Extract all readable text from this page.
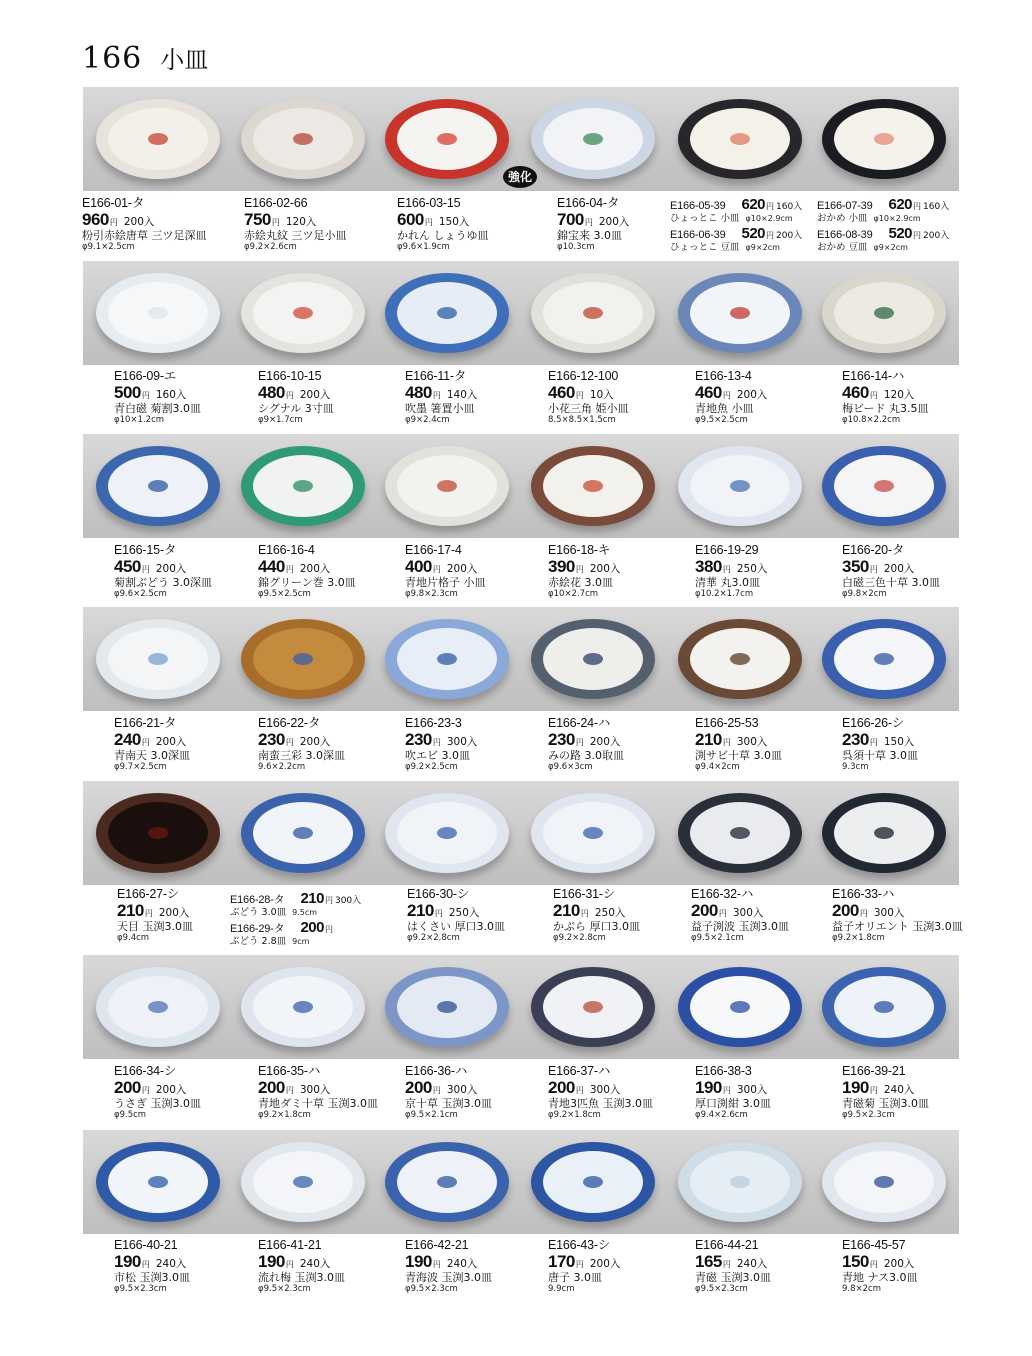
166 小皿
E166-01-タ
960円 200入
粉引赤絵唐草 三ツ足深皿
φ9.1×2.5cm
E166-02-66
750円 120入
赤絵丸紋 三ツ足小皿
φ9.2×2.6cm
E166-03-15
600円 150入
かれん しょうゆ皿
φ9.6×1.9cm
E166-04-タ
700円 200入
錦宝来 3.0皿
φ10.3cm
強化
E166-05-39 620円 160入
ひょっとこ 小皿 φ10×2.9cm
E166-06-39 520円 200入
ひょっとこ 豆皿 φ9×2cm
E166-07-39 620円 160入
おかめ 小皿 φ10×2.9cm
E166-08-39 520円 200入
おかめ 豆皿 φ9×2cm
E166-09-エ
500円 160入
青白磁 菊割3.0皿
φ10×1.2cm
E166-10-15
480円 200入
シグナル 3寸皿
φ9×1.7cm
E166-11-タ
480円 140入
吹墨 箸置小皿
φ9×2.4cm
E166-12-100
460円 10入
小花三角 姫小皿
8.5×8.5×1.5cm
E166-13-4
460円 200入
青地魚 小皿
φ9.5×2.5cm
E166-14-ハ
460円 120入
梅ビード 丸3.5皿
φ10.8×2.2cm
E166-15-タ
450円 200入
菊割ぶどう 3.0深皿
φ9.6×2.5cm
E166-16-4
440円 200入
錦グリーン巻 3.0皿
φ9.5×2.5cm
E166-17-4
400円 200入
青地片格子 小皿
φ9.8×2.3cm
E166-18-キ
390円 200入
赤絵花 3.0皿
φ10×2.7cm
E166-19-29
380円 250入
清華 丸3.0皿
φ10.2×1.7cm
E166-20-タ
350円 200入
白磁三色十草 3.0皿
φ9.8×2cm
E166-21-タ
240円 200入
青南天 3.0深皿
φ9.7×2.5cm
E166-22-タ
230円 200入
南蛮三彩 3.0深皿
9.6×2.2cm
E166-23-3
230円 300入
吹エビ 3.0皿
φ9.2×2.5cm
E166-24-ハ
230円 200入
みの路 3.0取皿
φ9.6×3cm
E166-25-53
210円 300入
渕サビ十草 3.0皿
φ9.4×2cm
E166-26-シ
230円 150入
呉須十草 3.0皿
9.3cm
E166-27-シ
210円 200入
天目 玉渕3.0皿
φ9.4cm
E166-30-シ
210円 250入
はくさい 厚口3.0皿
φ9.2×2.8cm
E166-31-シ
210円 250入
かぶら 厚口3.0皿
φ9.2×2.8cm
E166-32-ハ
200円 300入
益子渕波 玉渕3.0皿
φ9.5×2.1cm
E166-33-ハ
200円 300入
益子オリエント 玉渕3.0皿
φ9.2×1.8cm
E166-28-タ 210円 300入
ぶどう 3.0皿 9.5cm
E166-29-タ 200円
ぶどう 2.8皿 9cm
E166-34-シ
200円 200入
うさぎ 玉渕3.0皿
φ9.5cm
E166-35-ハ
200円 300入
青地ダミ十草 玉渕3.0皿
φ9.2×1.8cm
E166-36-ハ
200円 300入
京十草 玉渕3.0皿
φ9.5×2.1cm
E166-37-ハ
200円 300入
青地3匹魚 玉渕3.0皿
φ9.2×1.8cm
E166-38-3
190円 300入
厚口渕紺 3.0皿
φ9.4×2.6cm
E166-39-21
190円 240入
青磁菊 玉渕3.0皿
φ9.5×2.3cm
E166-40-21
190円 240入
市松 玉渕3.0皿
φ9.5×2.3cm
E166-41-21
190円 240入
流れ梅 玉渕3.0皿
φ9.5×2.3cm
E166-42-21
190円 240入
青海波 玉渕3.0皿
φ9.5×2.3cm
E166-43-シ
170円 200入
唐子 3.0皿
9.9cm
E166-44-21
165円 240入
青磁 玉渕3.0皿
φ9.5×2.3cm
E166-45-57
150円 200入
青地 ナス3.0皿
9.8×2cm
